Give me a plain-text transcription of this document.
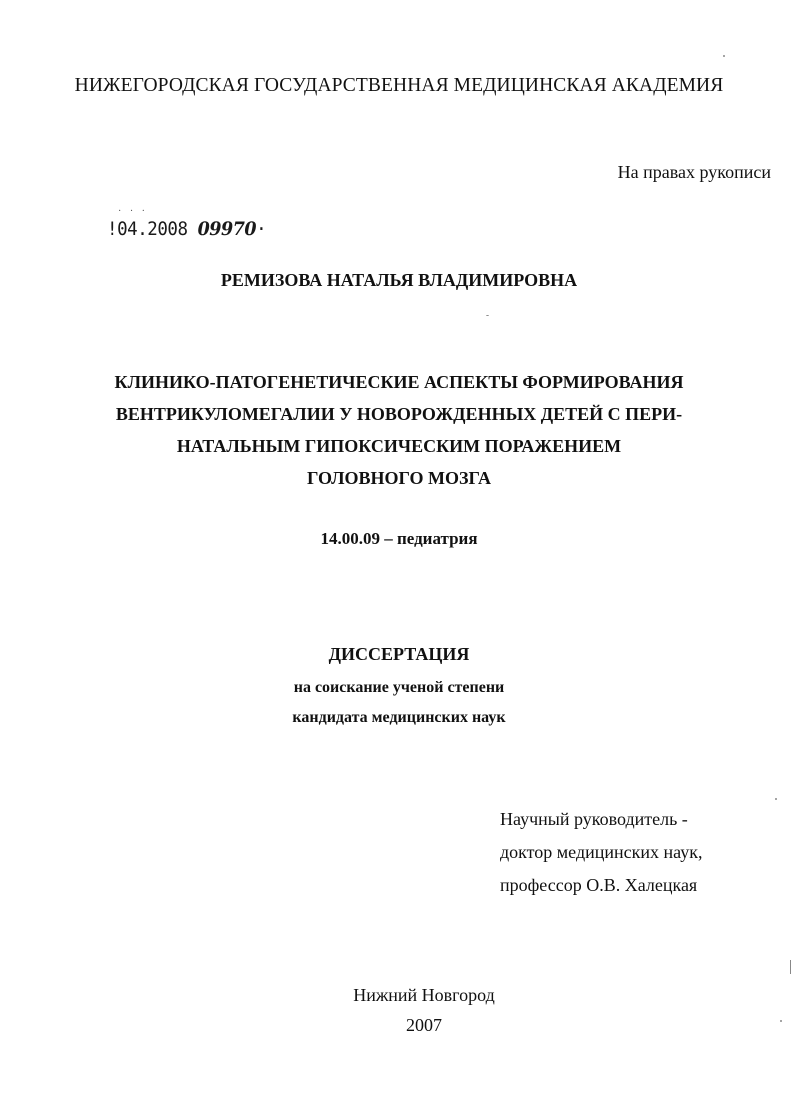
НИЖЕГОРОДСКАЯ ГОСУДАРСТВЕННАЯ МЕДИЦИНСКАЯ АКАДЕМИЯ
На правах рукописи
· · ·
!04.2008 09970·
РЕМИЗОВА НАТАЛЬЯ ВЛАДИМИРОВНА
КЛИНИКО-ПАТОГЕНЕТИЧЕСКИЕ АСПЕКТЫ ФОРМИРОВАНИЯ
ВЕНТРИКУЛОМЕГАЛИИ У НОВОРОЖДЕННЫХ ДЕТЕЙ С ПЕРИ-
НАТАЛЬНЫМ ГИПОКСИЧЕСКИМ ПОРАЖЕНИЕМ
ГОЛОВНОГО МОЗГА
14.00.09 – педиатрия
ДИССЕРТАЦИЯ
на соискание ученой степени
кандидата медицинских наук
Научный руководитель -
доктор медицинских наук,
профессор О.В. Халецкая
Нижний Новгород
2007
